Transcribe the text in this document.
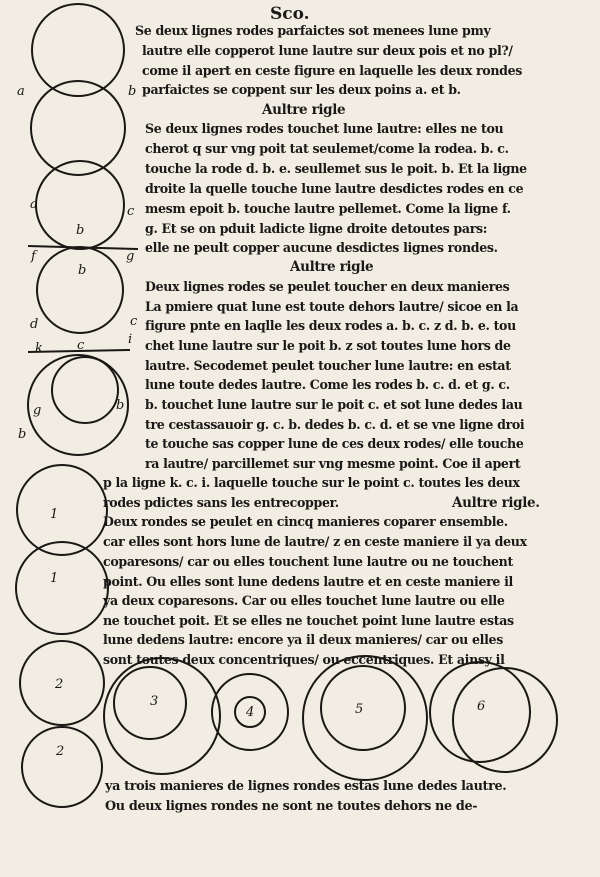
a	b
a	c
b
f	g
b
d	c
k	c	i
g	b
b
1
1
2
2
3
4	5	6
Sco.
Se deux lignes rodes parfaictes sot menees lune pmy
lautre elle copperot lune lautre sur deux pois et no pl?/
come il apert en ceste figure en laquelle les deux rondes
parfaictes se coppent sur les deux poins a. et b.
Aultre rigle
Se deux lignes rodes touchet lune lautre: elles ne tou
cherot q sur vng poit tat seulemet/come la rodea. b. c.
touche la rode d. b. e. seullemet sus le poit. b. Et la ligne
droite la quelle touche lune lautre desdictes rodes en ce
mesm epoit b. touche lautre pellemet. Come la ligne f.
g. Et se on pduit ladicte ligne droite detoutes pars:
elle ne peult copper aucune desdictes lignes rondes.
Aultre rigle
Deux lignes rodes se peulet toucher en deux manieres
La pmiere quat lune est toute dehors lautre/ sicoe en la
figure pnte en laqlle les deux rodes a. b. c. z d. b. e. tou
chet lune lautre sur le poit b. z sot toutes lune hors de
lautre. Secodemet peulet toucher lune lautre: en estat
lune toute dedes lautre. Come les rodes b. c. d. et g. c.
b. touchet lune lautre sur le poit c. et sot lune dedes lau
tre cestassauoir g. c. b. dedes b. c. d. et se vne ligne droi
te touche sas copper lune de ces deux rodes/ elle touche
ra lautre/ parcillemet sur vng mesme point. Coe il apert
p la ligne k. c. i. laquelle touche sur le point c. toutes les deux
rodes pdictes sans les entrecopper.	Aultre rigle.
Deux rondes se peulet en cincq manieres coparer ensemble.
car elles sont hors lune de lautre/ z en ceste maniere il ya deux
coparesons/ car ou elles touchent lune lautre ou ne touchent
point. Ou elles sont lune dedens lautre et en ceste maniere il
ya deux coparesons. Car ou elles touchet lune lautre ou elle
ne touchet poit. Et se elles ne touchet point lune lautre estas
lune dedens lautre: encore ya il deux manieres/ car ou elles
sont toutes deux concentriques/ ou eccentriques. Et ainsy il
ya trois manieres de lignes rondes estas lune dedes lautre.
Ou deux lignes rondes ne sont ne toutes dehors ne de-
